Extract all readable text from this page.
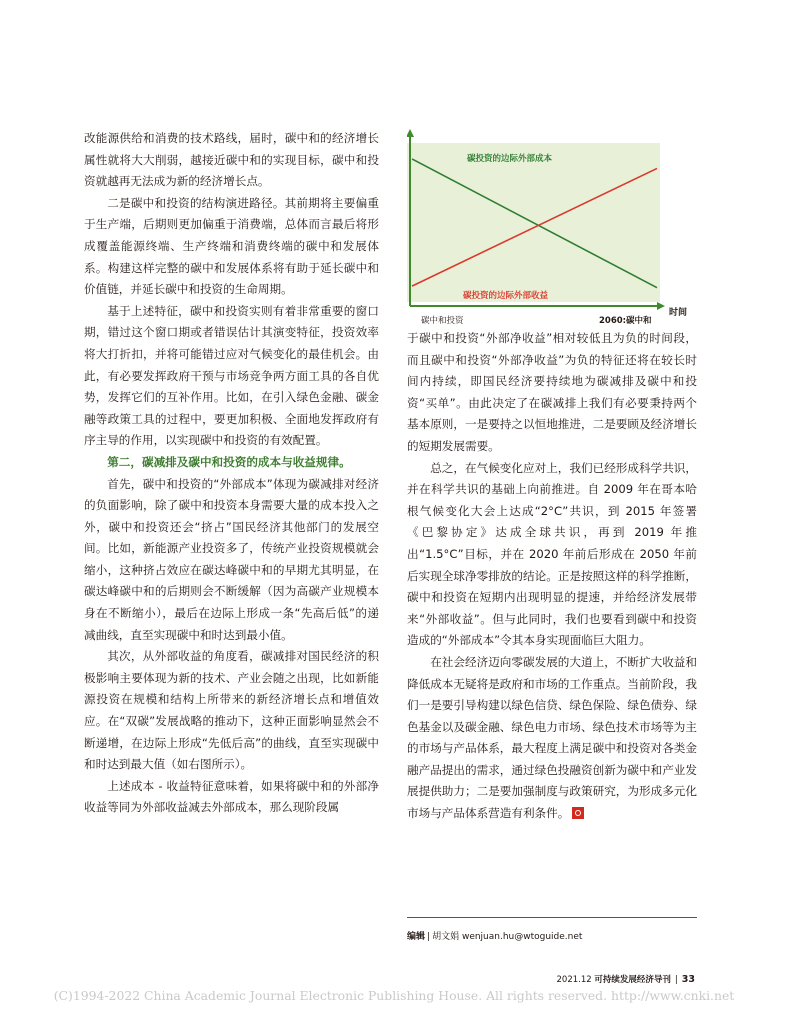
改能源供给和消费的技术路线，届时，碳中和的经济增长属性就将大大削弱，越接近碳中和的实现目标，碳中和投资就越再无法成为新的经济增长点。

二是碳中和投资的结构演进路径。其前期将主要偏重于生产端，后期则更加偏重于消费端，总体而言最后将形成覆盖能源终端、生产终端和消费终端的碳中和发展体系。构建这样完整的碳中和发展体系将有助于延长碳中和价值链，并延长碳中和投资的生命周期。

基于上述特征，碳中和投资实则有着非常重要的窗口期，错过这个窗口期或者错误估计其演变特征，投资效率将大打折扣，并将可能错过应对气候变化的最佳机会。由此，有必要发挥政府干预与市场竞争两方面工具的各自优势，发挥它们的互补作用。比如，在引入绿色金融、碳金融等政策工具的过程中，要更加积极、全面地发挥政府有序主导的作用，以实现碳中和投资的有效配置。

第二，碳减排及碳中和投资的成本与收益规律。

首先，碳中和投资的“外部成本”体现为碳减排对经济的负面影响，除了碳中和投资本身需要大量的成本投入之外，碳中和投资还会“挤占”国民经济其他部门的发展空间。比如，新能源产业投资多了，传统产业投资规模就会缩小，这种挤占效应在碳达峰碳中和的早期尤其明显，在碳达峰碳中和的后期则会不断缓解（因为高碳产业规模本身在不断缩小），最后在边际上形成一条“先高后低”的递减曲线，直至实现碳中和时达到最小值。

其次，从外部收益的角度看，碳减排对国民经济的积极影响主要体现为新的技术、产业会随之出现，比如新能源投资在规模和结构上所带来的新经济增长点和增值效应。在“双碳”发展战略的推动下，这种正面影响显然会不断递增，在边际上形成“先低后高”的曲线，直至实现碳中和时达到最大值（如右图所示）。

上述成本 - 收益特征意味着，如果将碳中和的外部净收益等同为外部收益减去外部成本，那么现阶段属

碳投资的边际外部成本
碳投资的边际外部收益
时间
碳中和投资	2060:碳中和

于碳中和投资“外部净收益”相对较低且为负的时间段，而且碳中和投资“外部净收益”为负的特征还将在较长时间内持续，即国民经济要持续地为碳减排及碳中和投资“买单”。由此决定了在碳减排上我们有必要秉持两个基本原则，一是要持之以恒地推进，二是要顾及经济增长的短期发展需要。

总之，在气候变化应对上，我们已经形成科学共识，并在科学共识的基础上向前推进。自 2009 年在哥本哈根气候变化大会上达成“2°C”共识，到 2015 年签署《巴黎协定》达成全球共识，再到 2019 年推出“1.5°C”目标，并在 2020 年前后形成在 2050 年前后实现全球净零排放的结论。正是按照这样的科学推断，碳中和投资在短期内出现明显的提速，并给经济发展带来“外部收益”。但与此同时，我们也要看到碳中和投资造成的“外部成本”令其本身实现面临巨大阻力。

在社会经济迈向零碳发展的大道上，不断扩大收益和降低成本无疑将是政府和市场的工作重点。当前阶段，我们一是要引导构建以绿色信贷、绿色保险、绿色债券、绿色基金以及碳金融、绿色电力市场、绿色技术市场等为主的市场与产品体系，最大程度上满足碳中和投资对各类金融产品提出的需求，通过绿色投融资创新为碳中和产业发展提供助力；二是要加强制度与政策研究，为形成多元化市场与产品体系营造有利条件。

编辑 | 胡文娟 wenjuan.hu@wtoguide.net
2021.12 可持续发展经济导刊 | 33
(C)1994-2022 China Academic Journal Electronic Publishing House. All rights reserved. http://www.cnki.net
